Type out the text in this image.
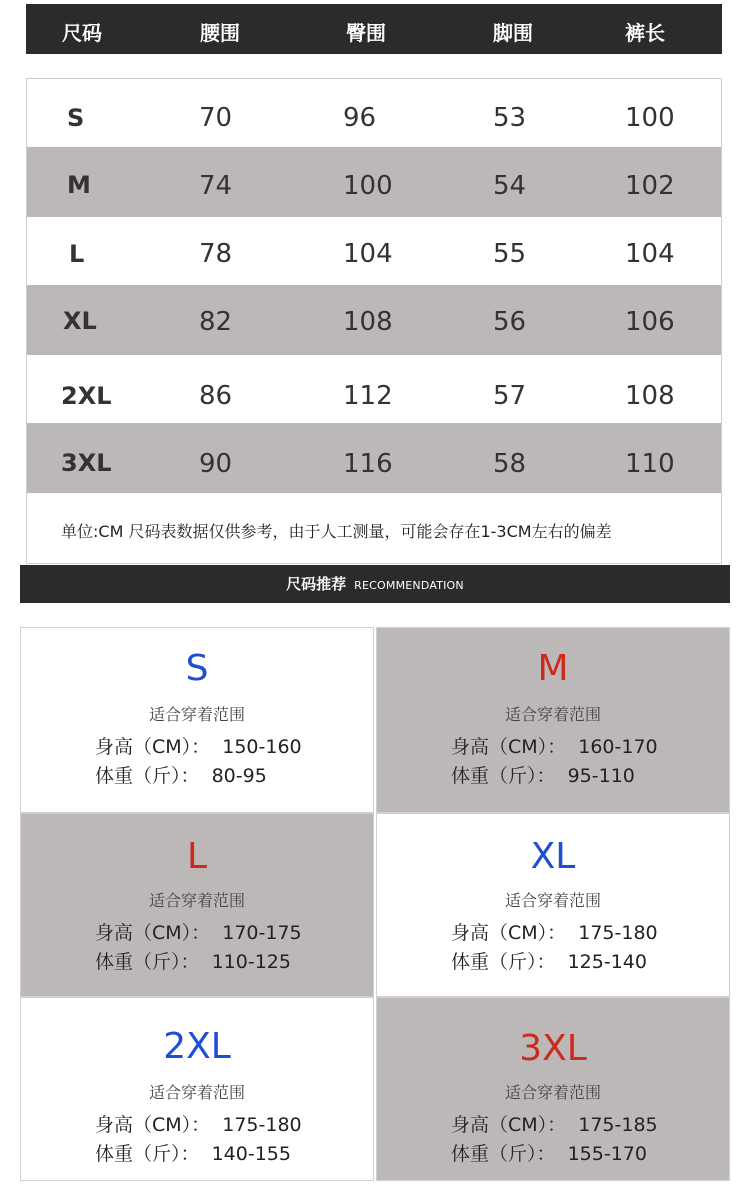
尺码	腰围	臀围	脚围	裤长
S	70	96	53	100
M	74	100	54	102
L	78	104	55	104
XL	82	108	56	106
2XL	86	112	57	108
3XL	90	116	58	110
单位:CM 尺码表数据仅供参考，由于人工测量，可能会存在1-3CM左右的偏差
尺码推荐 RECOMMENDATION
S
适合穿着范围
身高（CM）：  150-160
体重（斤）：  80-95
M
适合穿着范围
身高（CM）：  160-170
体重（斤）：  95-110
L
适合穿着范围
身高（CM）：  170-175
体重（斤）：  110-125
XL
适合穿着范围
身高（CM）：  175-180
体重（斤）：  125-140
2XL
适合穿着范围
身高（CM）：  175-180
体重（斤）：  140-155
3XL
适合穿着范围
身高（CM）：  175-185
体重（斤）：  155-170
